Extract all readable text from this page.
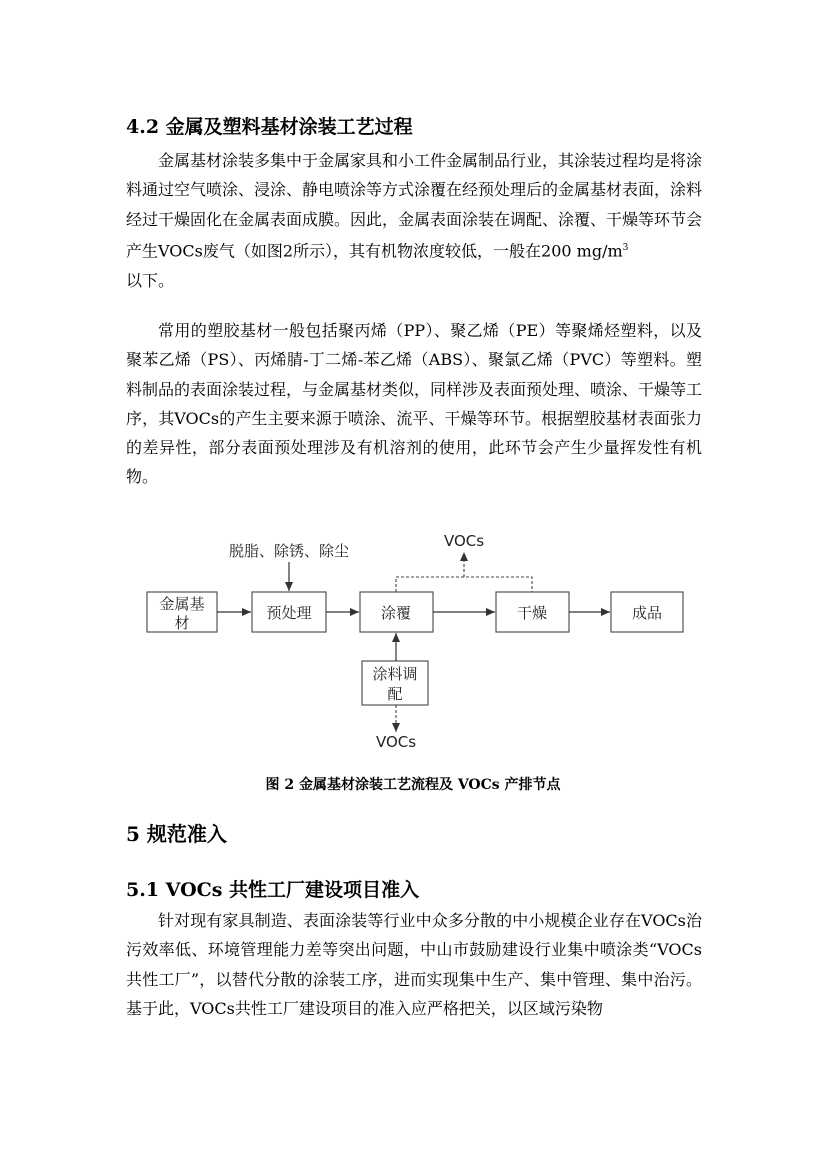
4.2 金属及塑料基材涂装工艺过程

金属基材涂装多集中于金属家具和小工件金属制品行业，其涂装过程均是将涂料通过空气喷涂、浸涂、静电喷涂等方式涂覆在经预处理后的金属基材表面，涂料经过干燥固化在金属表面成膜。因此，金属表面涂装在调配、涂覆、干燥等环节会产生VOCs废气（如图2所示），其有机物浓度较低，一般在200 $mg/m^3$
以下。

常用的塑胶基材一般包括聚丙烯（PP）、聚乙烯（PE）等聚烯烃塑料，以及聚苯乙烯（PS）、丙烯腈-丁二烯-苯乙烯（ABS）、聚氯乙烯（PVC）等塑料。塑料制品的表面涂装过程，与金属基材类似，同样涉及表面预处理、喷涂、干燥等工序，其VOCs的产生主要来源于喷涂、流平、干燥等环节。根据塑胶基材表面张力的差异性，部分表面预处理涉及有机溶剂的使用，此环节会产生少量挥发性有机物。

金属基
材
预处理	涂覆	干燥	成品
脱脂、除锈、除尘
VOCs
涂料调
配
VOCs
图 2 金属基材涂装工艺流程及 VOCs 产排节点
5 规范准入
5.1 VOCs 共性工厂建设项目准入

针对现有家具制造、表面涂装等行业中众多分散的中小规模企业存在VOCs治污效率低、环境管理能力差等突出问题，中山市鼓励建设行业集中喷涂类“VOCs共性工厂”，以替代分散的涂装工序，进而实现集中生产、集中管理、集中治污。基于此，VOCs共性工厂建设项目的准入应严格把关，以区域污染物
